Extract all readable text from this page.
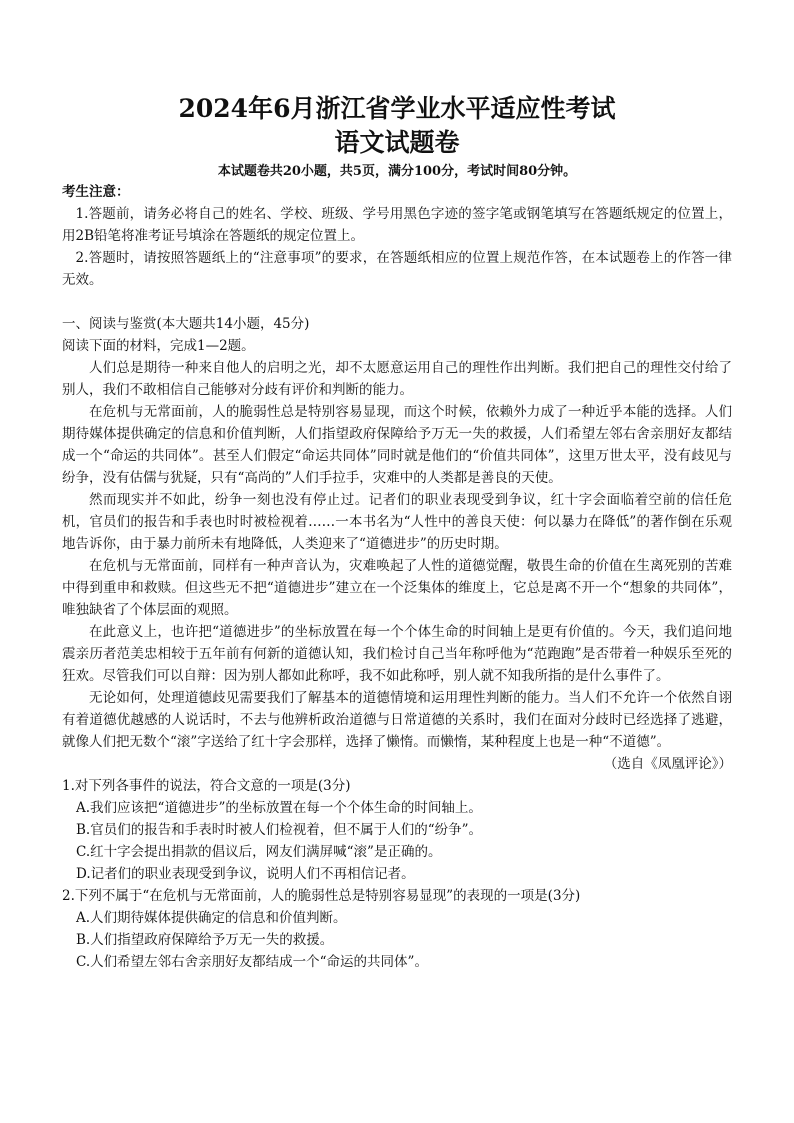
2024年6月浙江省学业水平适应性考试
语文试题卷

本试题卷共20小题，共5页，满分100分，考试时间80分钟。

考生注意：

1.答题前，请务必将自己的姓名、学校、班级、学号用黑色字迹的签字笔或钢笔填写在答题纸规定的位置上，用2B铅笔将准考证号填涂在答题纸的规定位置上。

2.答题时，请按照答题纸上的“注意事项”的要求，在答题纸相应的位置上规范作答，在本试题卷上的作答一律无效。

一、阅读与鉴赏(本大题共14小题，45分)

阅读下面的材料，完成1—2题。

人们总是期待一种来自他人的启明之光，却不太愿意运用自己的理性作出判断。我们把自己的理性交付给了别人，我们不敢相信自己能够对分歧有评价和判断的能力。

在危机与无常面前，人的脆弱性总是特别容易显现，而这个时候，依赖外力成了一种近乎本能的选择。人们期待媒体提供确定的信息和价值判断，人们指望政府保障给予万无一失的救援，人们希望左邻右舍亲朋好友都结成一个“命运的共同体”。甚至人们假定“命运共同体”同时就是他们的“价值共同体”，这里万世太平，没有歧见与纷争，没有估儒与犹疑，只有“高尚的”人们手拉手，灾难中的人类都是善良的天使。

然而现实并不如此，纷争一刻也没有停止过。记者们的职业表现受到争议，红十字会面临着空前的信任危机，官员们的报告和手表也时时被检视着……一本书名为“人性中的善良天使：何以暴力在降低”的著作倒在乐观地告诉你，由于暴力前所未有地降低，人类迎来了“道德进步”的历史时期。

在危机与无常面前，同样有一种声音认为，灾难唤起了人性的道德觉醒，敬畏生命的价值在生离死别的苦难中得到重申和救赎。但这些无不把“道德进步”建立在一个泛集体的维度上，它总是离不开一个“想象的共同体”，唯独缺省了个体层面的观照。

在此意义上，也许把“道德进步”的坐标放置在每一个个体生命的时间轴上是更有价值的。今天，我们追问地震亲历者范美忠相较于五年前有何新的道德认知，我们检讨自己当年称呼他为“范跑跑”是否带着一种娱乐至死的狂欢。尽管我们可以自辩：因为别人都如此称呼，我不如此称呼，别人就不知我所指的是什么事件了。

无论如何，处理道德歧见需要我们了解基本的道德情境和运用理性判断的能力。当人们不允许一个依然自诩有着道德优越感的人说话时，不去与他辨析政治道德与日常道德的关系时，我们在面对分歧时已经选择了逃避，就像人们把无数个“滚”字送给了红十字会那样，选择了懒惰。而懒惰，某种程度上也是一种“不道德”。

（选自《凤凰评论》）

1.对下列各事件的说法，符合文意的一项是(3分)

A.我们应该把“道德进步”的坐标放置在每一个个体生命的时间轴上。

B.官员们的报告和手表时时被人们检视着，但不属于人们的“纷争”。

C.红十字会提出捐款的倡议后，网友们满屏喊“滚”是正确的。

D.记者们的职业表现受到争议，说明人们不再相信记者。

2.下列不属于“在危机与无常面前，人的脆弱性总是特别容易显现”的表现的一项是(3分)

A.人们期待媒体提供确定的信息和价值判断。

B.人们指望政府保障给予万无一失的救援。

C.人们希望左邻右舍亲朋好友都结成一个“命运的共同体”。
